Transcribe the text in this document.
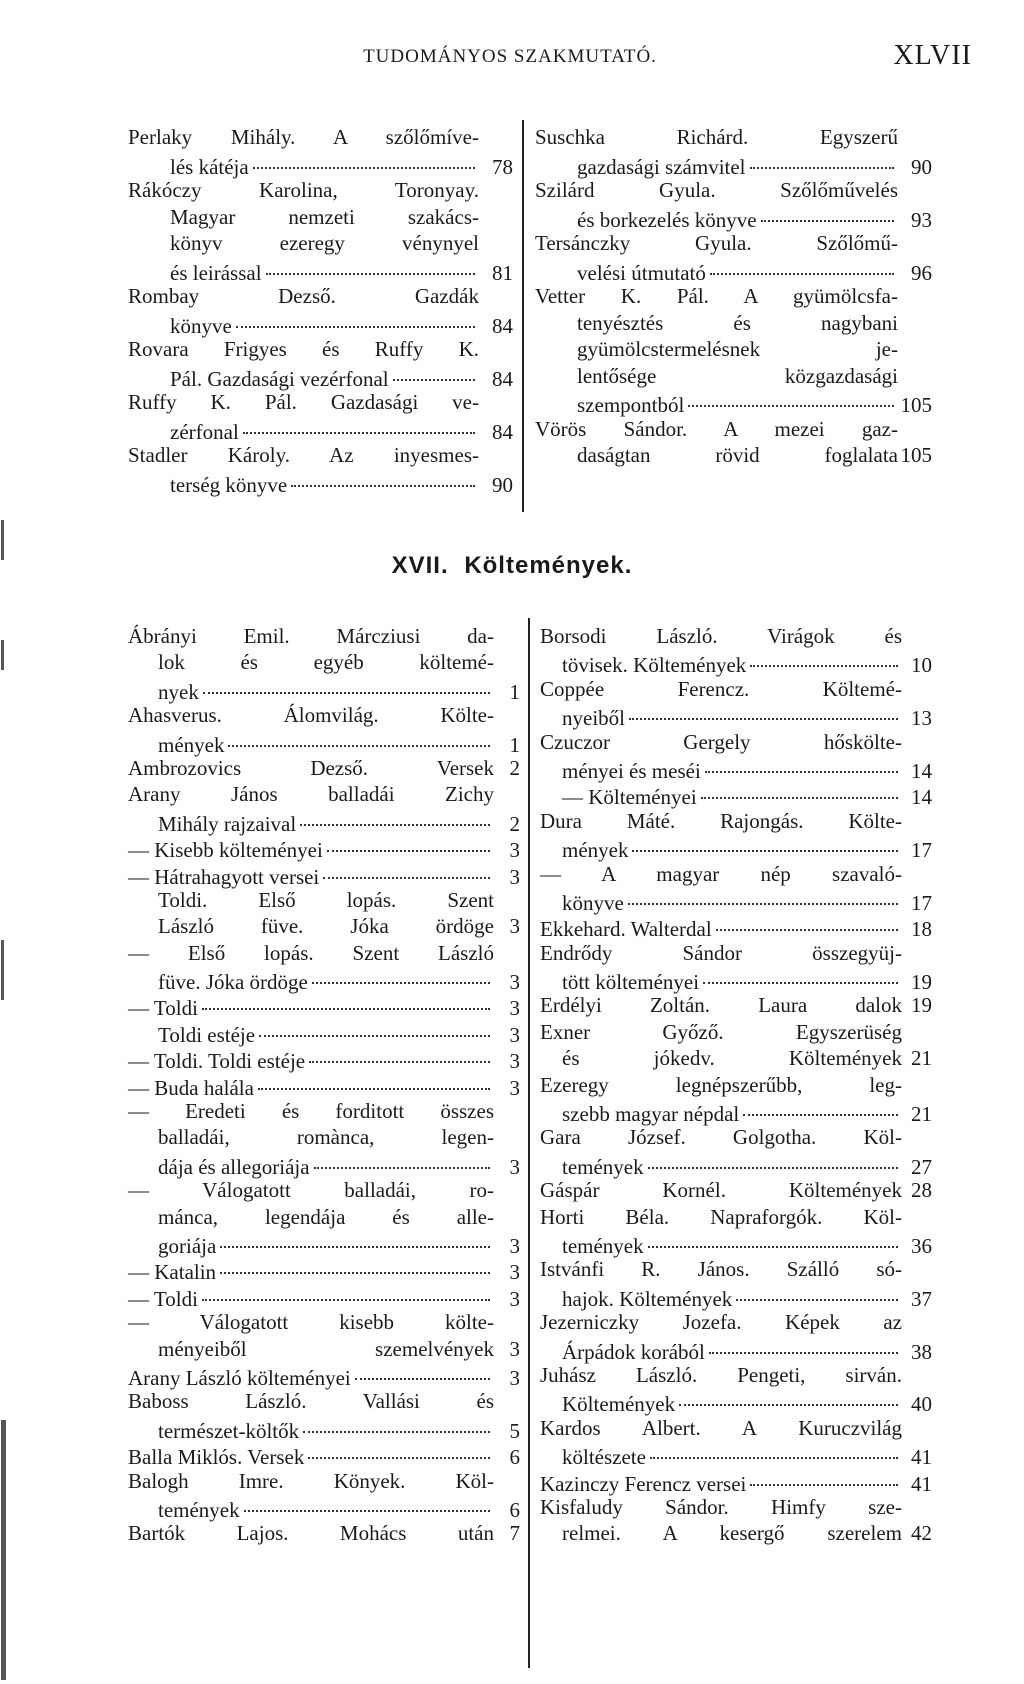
TUDOMÁNYOS SZAKMUTATÓ.	XLVII
Perlaky Mihály. A szőlőmíve-
lés kátéja	78
Rákóczy Karolina, Toronyay.
Magyar nemzeti szakács-
könyv ezeregy vénynyel
és leirással	81
Rombay Dezső. Gazdák
könyve	84
Rovara Frigyes és Ruffy K.
Pál. Gazdasági vezérfonal	84
Ruffy K. Pál. Gazdasági ve-
zérfonal	84
Stadler Károly. Az inyesmes-
terség könyve	90
Suschka Richárd. Egyszerű
gazdasági számvitel	90
Szilárd Gyula. Szőlőművelés
és borkezelés könyve	93
Tersánczky Gyula. Szőlőmű-
velési útmutató	96
Vetter K. Pál. A gyümölcsfa-
tenyésztés és nagybani
gyümölcstermelésnek je-
lentősége közgazdasági
szempontból	105
Vörös Sándor. A mezei gaz-
daságtan rövid foglalata 105
XVII. Költemények.
Ábrányi Emil. Márcziusi da-
lok és egyéb költemé-
nyek	1
Ahasverus. Álomvilág. Költe-
mények	1
Ambrozovics Dezső. Versek 2
Arany János balladái Zichy
Mihály rajzaival	2
— Kisebb költeményei	3
— Hátrahagyott versei	3
Toldi. Első lopás. Szent
László füve. Jóka ördöge 3
— Első lopás. Szent László
füve. Jóka ördöge	3
— Toldi	3
Toldi estéje	3
— Toldi. Toldi estéje	3
— Buda halála	3
— Eredeti és forditott összes
balladái, romànca, legen-
dája és allegoriája	3
— Válogatott balladái, ro-
mánca, legendája és alle-
goriája	3
— Katalin	3
— Toldi	3
— Válogatott kisebb költe-
ményeiből szemelvények 3
Arany László költeményei	3
Baboss László. Vallási és
természet-költők	5
Balla Miklós. Versek	6
Balogh Imre. Könyek. Köl-
temények	6
Bartók Lajos. Mohács után 7
Borsodi László. Virágok és
tövisek. Költemények	10
Coppée Ferencz. Költemé-
nyeiből	13
Czuczor Gergely hősköltе-
ményei és meséi	14
— Költeményei	14
Dura Máté. Rajongás. Költe-
mények	17
— A magyar nép szavaló-
könyve	17
Ekkehard. Walterdal	18
Endrődy Sándor összegyüj-
tött költeményei	19
Erdélyi Zoltán. Laura dalok 19
Exner Győző. Egyszerüség
és jókedv. Költemények 21
Ezeregy legnépszerűbb, leg-
szebb magyar népdal	21
Gara József. Golgotha. Köl-
temények	27
Gáspár Kornél. Költemények 28
Horti Béla. Napraforgók. Köl-
temények	36
Istvánfi R. János. Szálló só-
hajok. Költemények	37
Jezerniczky Jozefa. Képek az
Árpádok korából	38
Juhász László. Pengeti, sirván.
Költemények	40
Kardos Albert. A Kuruczvilág
költészete	41
Kazinczy Ferencz versei	41
Kisfaludy Sándor. Himfy sze-
relmei. A kesergő szerelem 42
